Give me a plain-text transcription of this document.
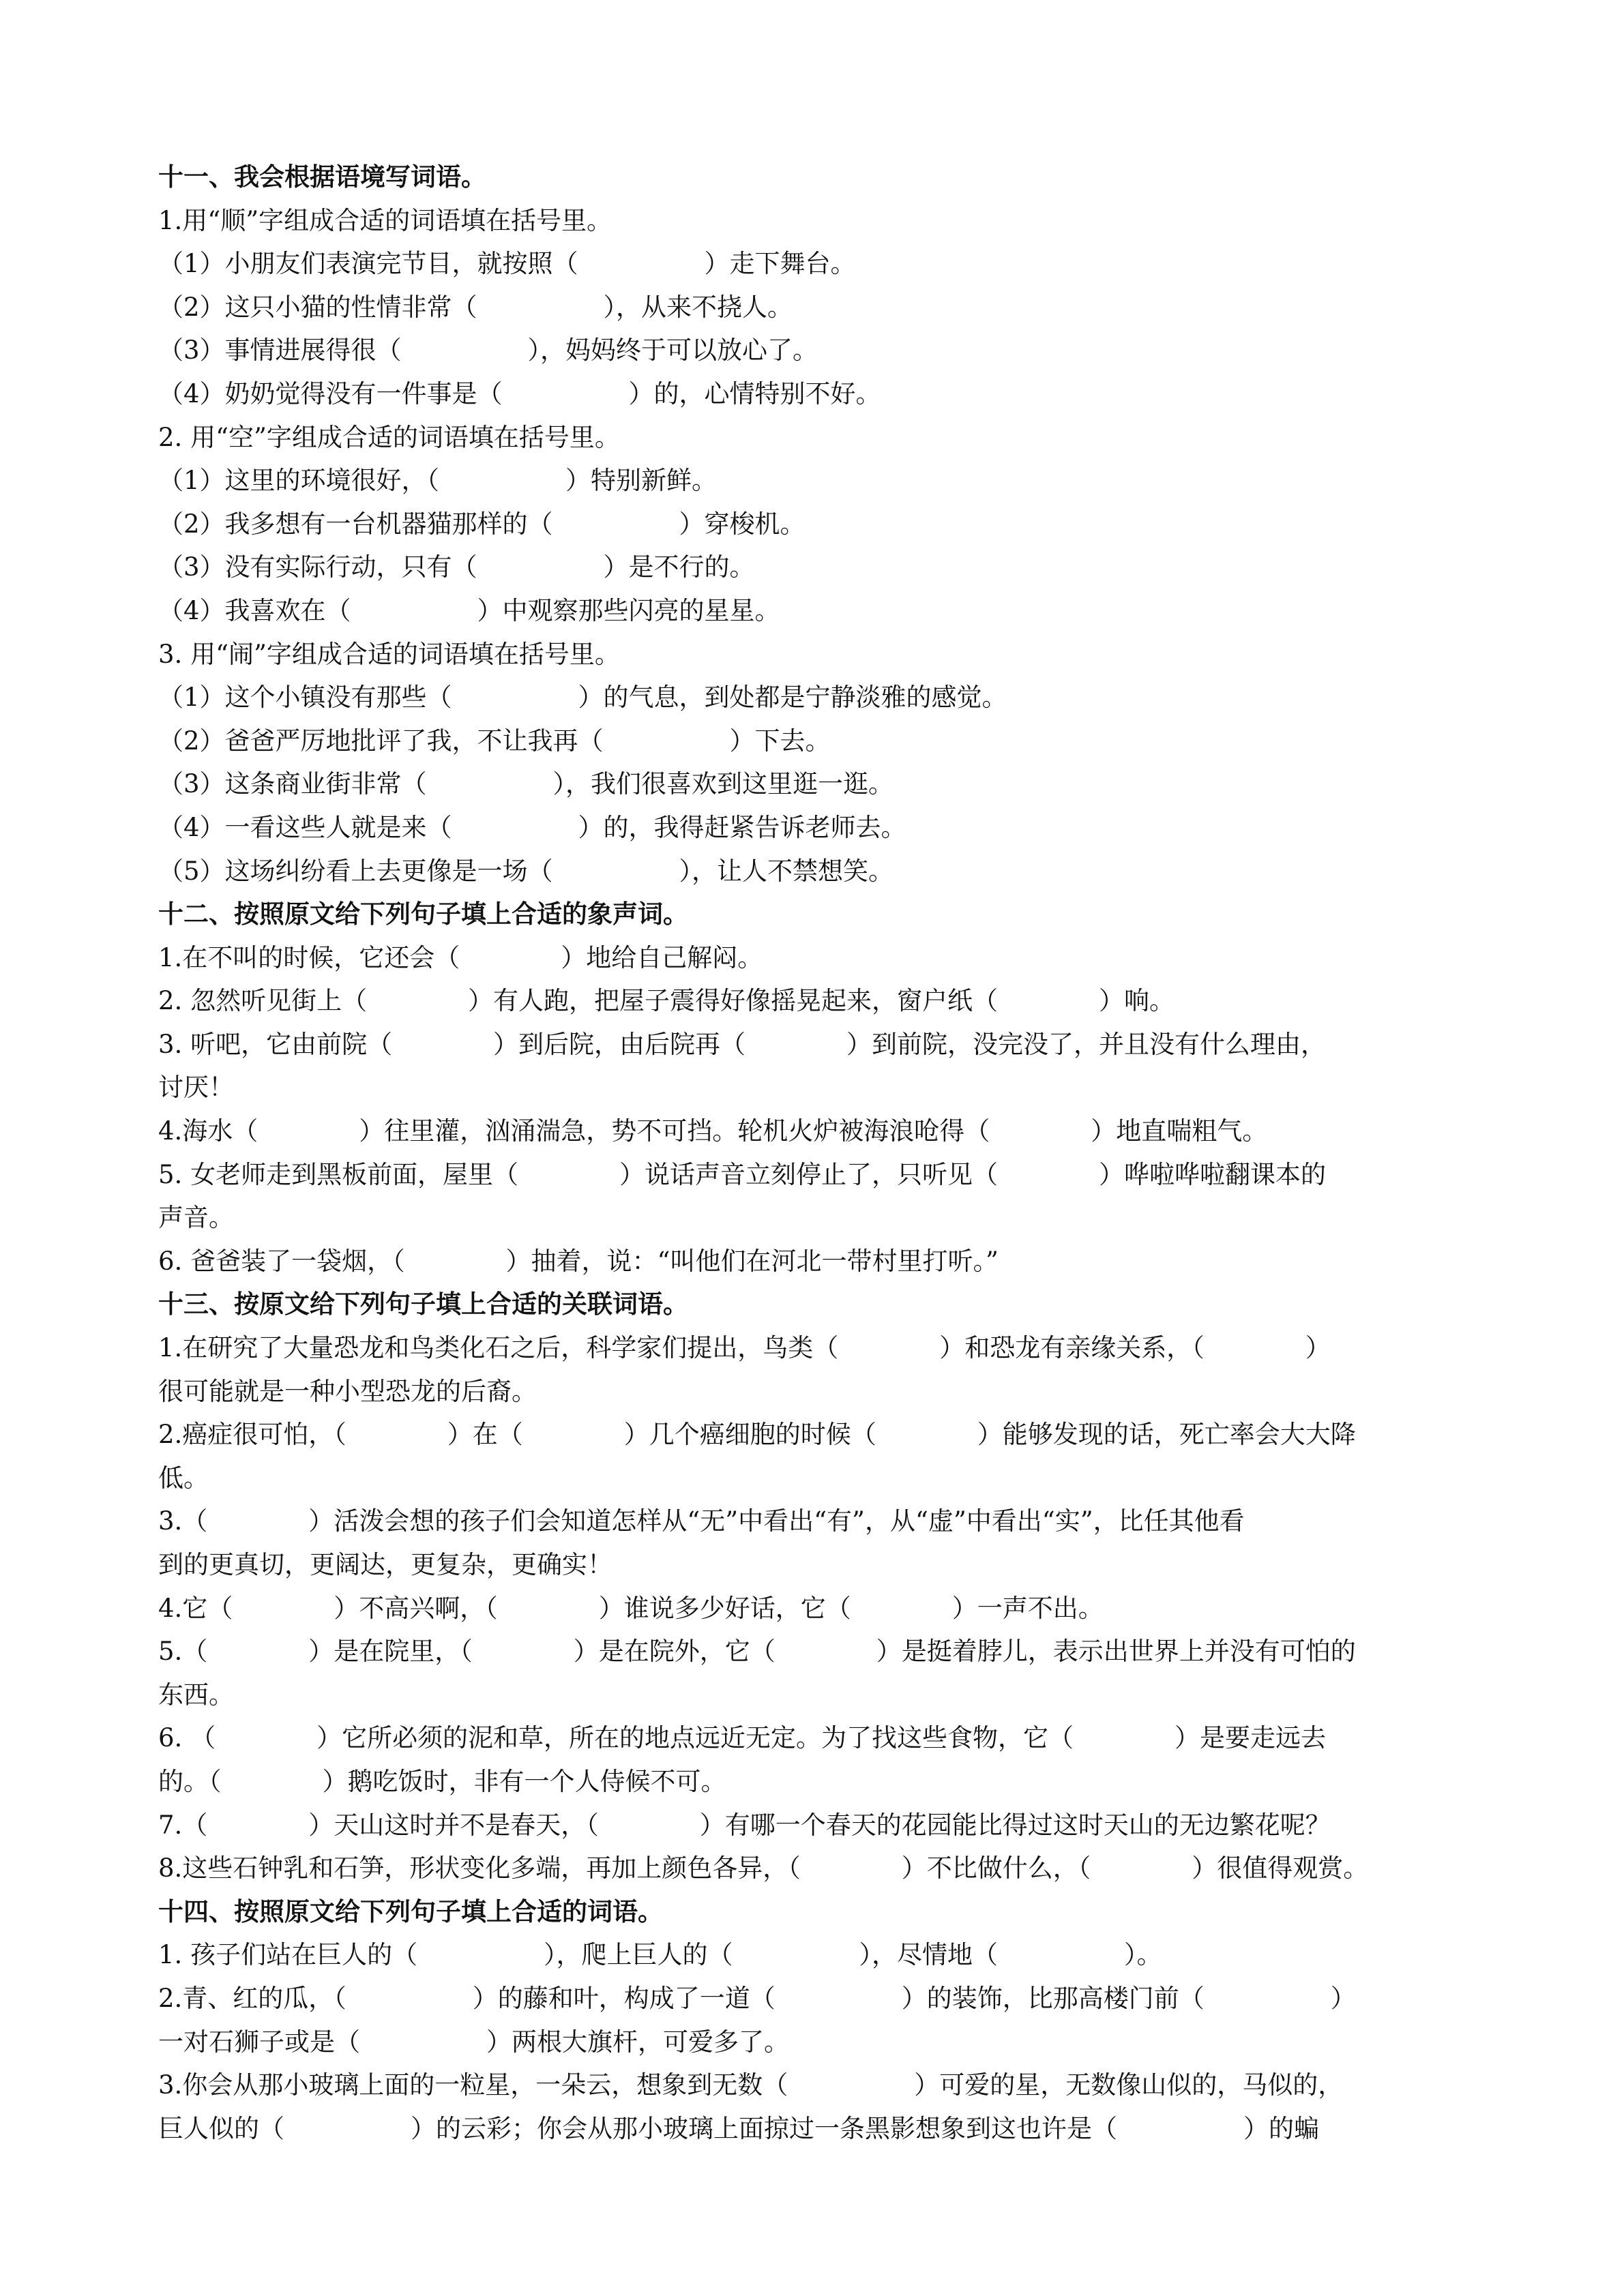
十一、我会根据语境写词语。
1.用“顺”字组成合适的词语填在括号里。
（1）小朋友们表演完节目，就按照（　　　　　）走下舞台。
（2）这只小猫的性情非常（　　　　　），从来不挠人。
（3）事情进展得很（　　　　　），妈妈终于可以放心了。
（4）奶奶觉得没有一件事是（　　　　　）的，心情特别不好。
2. 用“空”字组成合适的词语填在括号里。
（1）这里的环境很好，（　　　　　）特别新鲜。
（2）我多想有一台机器猫那样的（　　　　　）穿梭机。
（3）没有实际行动，只有（　　　　　）是不行的。
（4）我喜欢在（　　　　　）中观察那些闪亮的星星。
3. 用“闹”字组成合适的词语填在括号里。
（1）这个小镇没有那些（　　　　　）的气息，到处都是宁静淡雅的感觉。
（2）爸爸严厉地批评了我，不让我再（　　　　　）下去。
（3）这条商业街非常（　　　　　），我们很喜欢到这里逛一逛。
（4）一看这些人就是来（　　　　　）的，我得赶紧告诉老师去。
（5）这场纠纷看上去更像是一场（　　　　　），让人不禁想笑。
十二、按照原文给下列句子填上合适的象声词。
1.在不叫的时候，它还会（　　　　）地给自己解闷。
2. 忽然听见街上（　　　　）有人跑，把屋子震得好像摇晃起来，窗户纸（　　　　）响。
3. 听吧，它由前院（　　　　）到后院，由后院再（　　　　）到前院，没完没了，并且没有什么理由，
讨厌！
4.海水（　　　　）往里灌，汹涌湍急，势不可挡。轮机火炉被海浪呛得（　　　　）地直喘粗气。
5. 女老师走到黑板前面，屋里（　　　　）说话声音立刻停止了，只听见（　　　　）哗啦哗啦翻课本的
声音。
6. 爸爸装了一袋烟，（　　　　）抽着，说：“叫他们在河北一带村里打听。”
十三、按原文给下列句子填上合适的关联词语。
1.在研究了大量恐龙和鸟类化石之后，科学家们提出，鸟类（　　　　）和恐龙有亲缘关系，（　　　　）
很可能就是一种小型恐龙的后裔。
2.癌症很可怕，（　　　　）在（　　　　）几个癌细胞的时候（　　　　）能够发现的话，死亡率会大大降
低。
3.（　　　　）活泼会想的孩子们会知道怎样从“无”中看出“有”，从“虚”中看出“实”，比任其他看
到的更真切，更阔达，更复杂，更确实！
4.它（　　　　）不高兴啊，（　　　　）谁说多少好话，它（　　　　）一声不出。
5.（　　　　）是在院里，（　　　　）是在院外，它（　　　　）是挺着脖儿，表示出世界上并没有可怕的
东西。
6. （　　　　）它所必须的泥和草，所在的地点远近无定。为了找这些食物，它（　　　　）是要走远去
的。（　　　　）鹅吃饭时，非有一个人侍候不可。
7.（　　　　）天山这时并不是春天，（　　　　）有哪一个春天的花园能比得过这时天山的无边繁花呢？
8.这些石钟乳和石笋，形状变化多端，再加上颜色各异，（　　　　）不比做什么，（　　　　）很值得观赏。
十四、按照原文给下列句子填上合适的词语。
1. 孩子们站在巨人的（　　　　　），爬上巨人的（　　　　　），尽情地（　　　　　）。
2.青、红的瓜，（　　　　　）的藤和叶，构成了一道（　　　　　）的装饰，比那高楼门前（　　　　　）
一对石狮子或是（　　　　　）两根大旗杆，可爱多了。
3.你会从那小玻璃上面的一粒星，一朵云，想象到无数（　　　　　）可爱的星，无数像山似的，马似的，
巨人似的（　　　　　）的云彩；你会从那小玻璃上面掠过一条黑影想象到这也许是（　　　　　）的蝙
